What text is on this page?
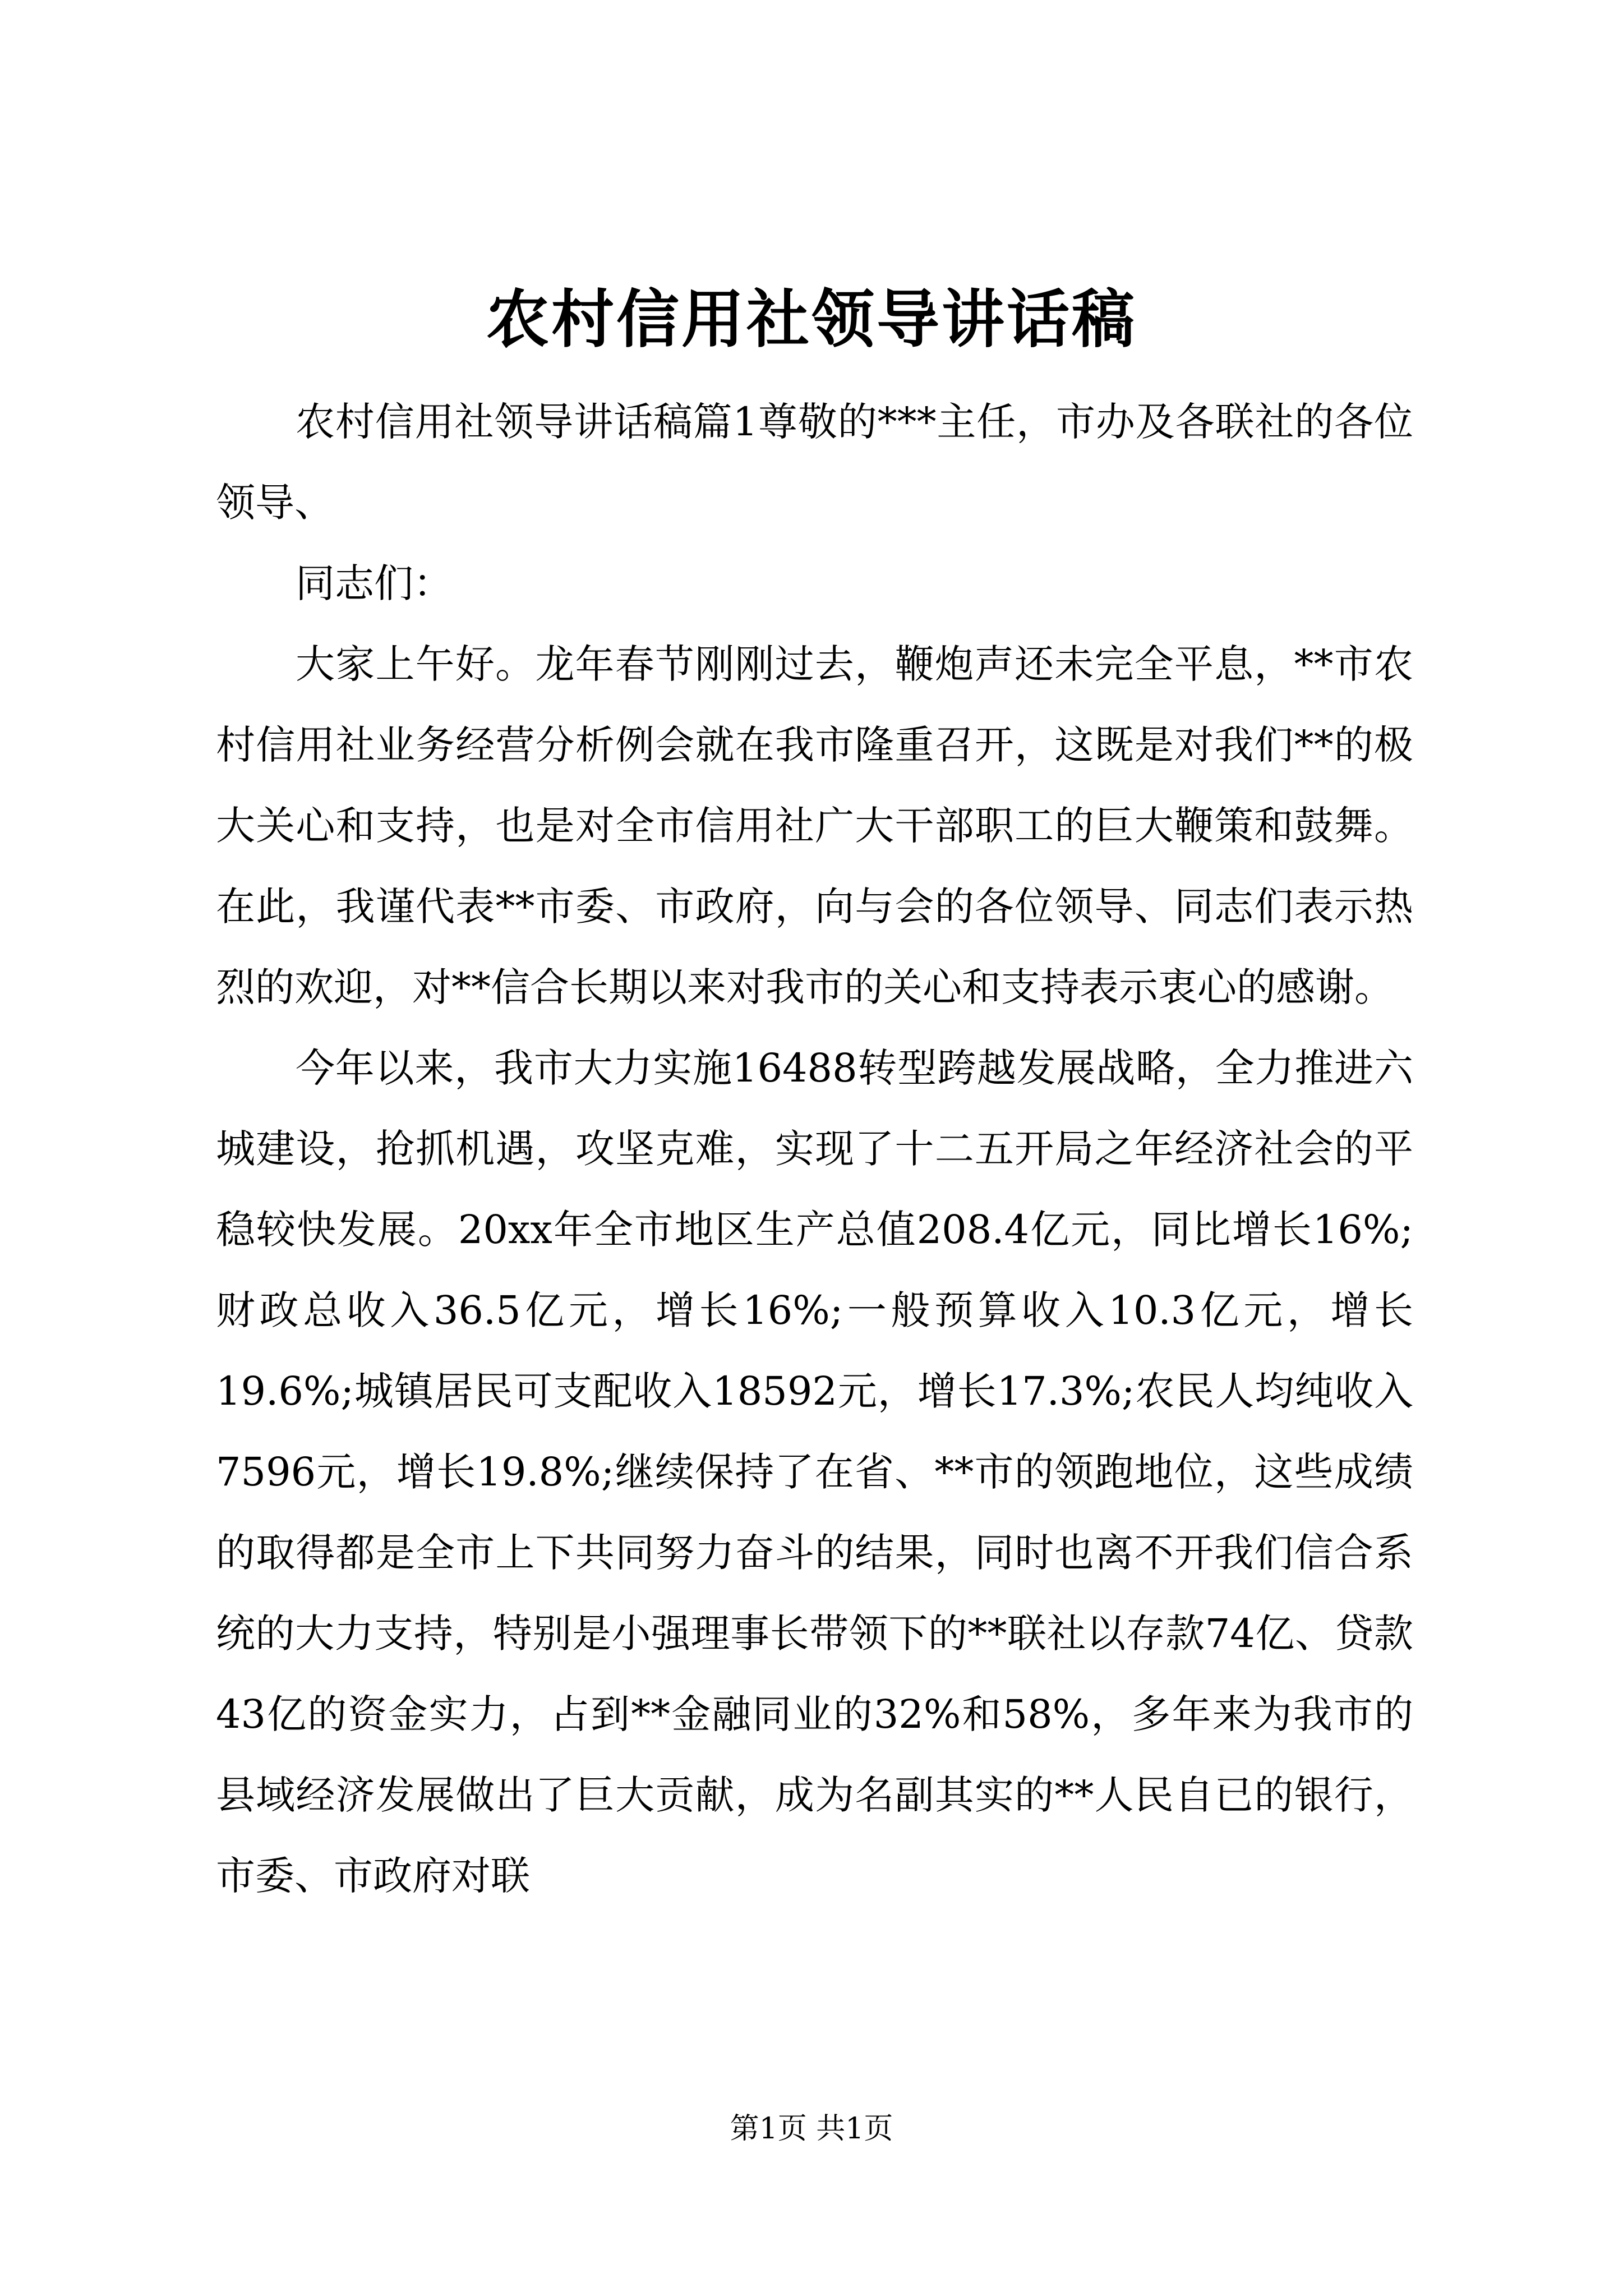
农村信用社领导讲话稿

农村信用社领导讲话稿篇1尊敬的***主任，市办及各联社的各位领导、

同志们：

大家上午好。龙年春节刚刚过去，鞭炮声还未完全平息，**市农村信用社业务经营分析例会就在我市隆重召开，这既是对我们**的极大关心和支持，也是对全市信用社广大干部职工的巨大鞭策和鼓舞。在此，我谨代表**市委、市政府，向与会的各位领导、同志们表示热烈的欢迎，对**信合长期以来对我市的关心和支持表示衷心的感谢。

今年以来，我市大力实施16488转型跨越发展战略，全力推进六城建设，抢抓机遇，攻坚克难，实现了十二五开局之年经济社会的平稳较快发展。20xx年全市地区生产总值208.4亿元，同比增长16%;财政总收入36.5亿元，增长16%;一般预算收入10.3亿元，增长19.6%;城镇居民可支配收入18592元，增长17.3%;农民人均纯收入7596元，增长19.8%;继续保持了在省、**市的领跑地位，这些成绩的取得都是全市上下共同努力奋斗的结果，同时也离不开我们信合系统的大力支持，特别是小强理事长带领下的**联社以存款74亿、贷款43亿的资金实力，占到**金融同业的32%和58%，多年来为我市的县域经济发展做出了巨大贡献，成为名副其实的**人民自已的银行，市委、市政府对联

第1页 共1页
